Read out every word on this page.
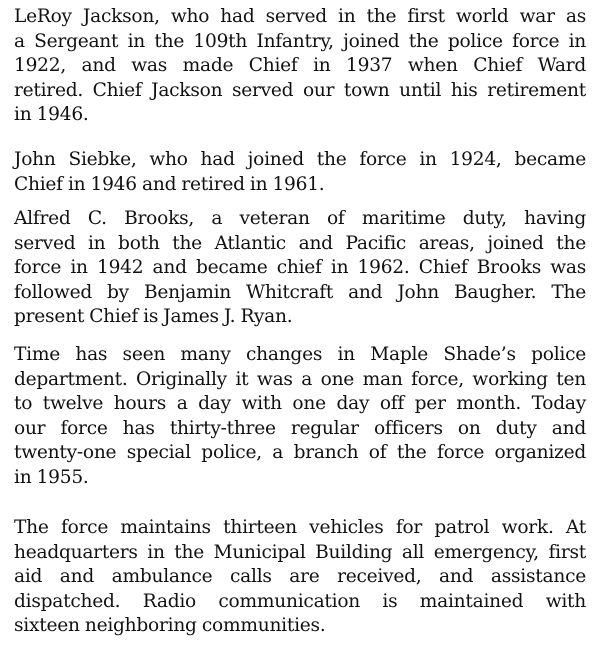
LeRoy Jackson, who had served in the first world war as
a Sergeant in the 109th Infantry, joined the police force in
1922, and was made Chief in 1937 when Chief Ward
retired. Chief Jackson served our town until his retirement
in 1946.
John Siebke, who had joined the force in 1924, became
Chief in 1946 and retired in 1961.
Alfred C. Brooks, a veteran of maritime duty, having
served in both the Atlantic and Pacific areas, joined the
force in 1942 and became chief in 1962. Chief Brooks was
followed by Benjamin Whitcraft and John Baugher. The
present Chief is James J. Ryan.
Time has seen many changes in Maple Shade’s police
department. Originally it was a one man force, working ten
to twelve hours a day with one day off per month. Today
our force has thirty-three regular officers on duty and
twenty-one special police, a branch of the force organized
in 1955.
The force maintains thirteen vehicles for patrol work. At
headquarters in the Municipal Building all emergency, first
aid and ambulance calls are received, and assistance
dispatched. Radio communication is maintained with
sixteen neighboring communities.
